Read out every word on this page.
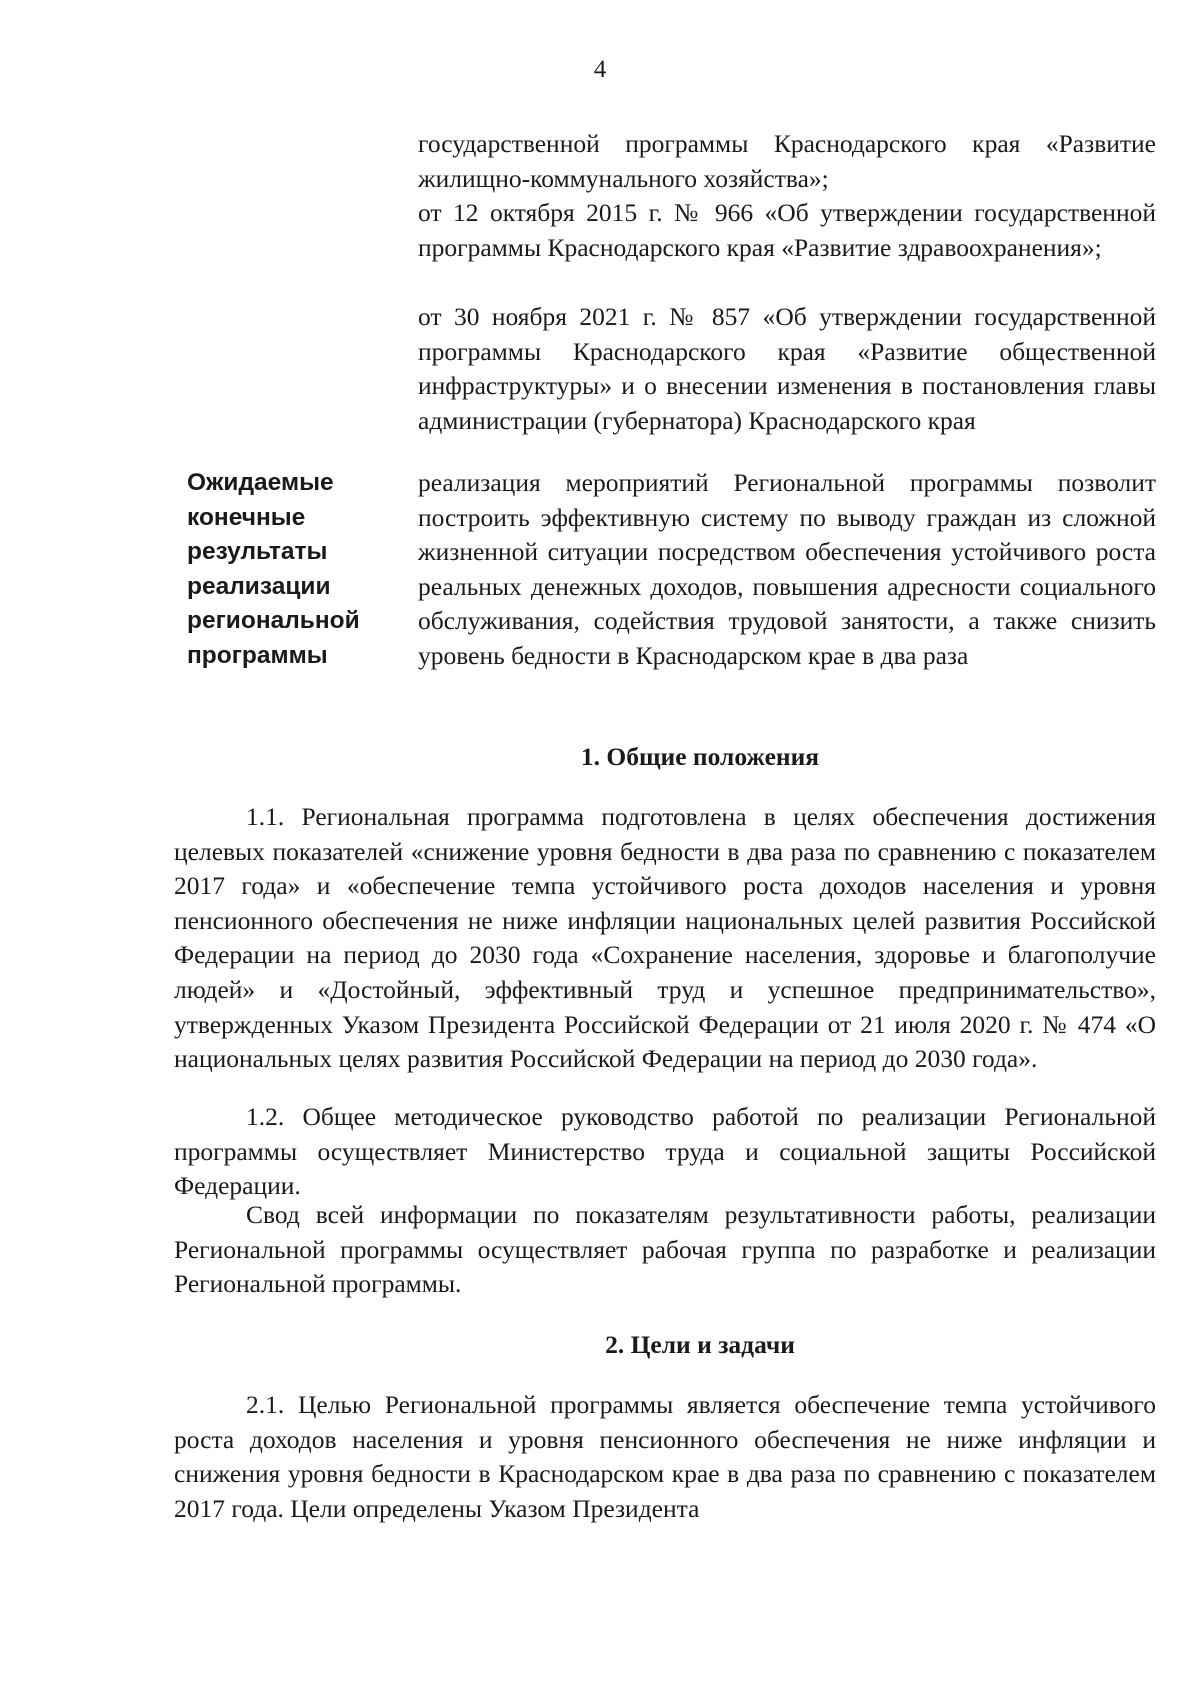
4

государственной программы Краснодарского края «Развитие жилищно-коммунального хозяйства»;

от 12 октября 2015 г. № 966 «Об утверждении государственной программы Краснодарского края «Развитие здравоохранения»;

от 30 ноября 2021 г. № 857 «Об утверждении государственной программы Краснодарского края «Развитие общественной инфраструктуры» и о внесении изменения в постановления главы администрации (губернатора) Краснодарского края

Ожидаемые
конечные
результаты
реализации
региональной
программы

реализация мероприятий Региональной программы позволит построить эффективную систему по выводу граждан из сложной жизненной ситуации посредством обеспечения устойчивого роста реальных денежных доходов, повышения адресности социального обслуживания, содействия трудовой занятости, а также снизить уровень бедности в Краснодарском крае в два раза

1. Общие положения

1.1. Региональная программа подготовлена в целях обеспечения достижения целевых показателей «снижение уровня бедности в два раза по сравнению с показателем 2017 года» и «обеспечение темпа устойчивого роста доходов населения и уровня пенсионного обеспечения не ниже инфляции национальных целей развития Российской Федерации на период до 2030 года «Сохранение населения, здоровье и благополучие людей» и «Достойный, эффективный труд и успешное предпринимательство», утвержденных Указом Президента Российской Федерации от 21 июля 2020 г. № 474 «О национальных целях развития Российской Федерации на период до 2030 года».

1.2. Общее методическое руководство работой по реализации Региональной программы осуществляет Министерство труда и социальной защиты Российской Федерации.

Свод всей информации по показателям результативности работы, реализации Региональной программы осуществляет рабочая группа по разработке и реализации Региональной программы.

2. Цели и задачи

2.1. Целью Региональной программы является обеспечение темпа устойчивого роста доходов населения и уровня пенсионного обеспечения не ниже инфляции и снижения уровня бедности в Краснодарском крае в два раза по сравнению с показателем 2017 года. Цели определены Указом Президента
